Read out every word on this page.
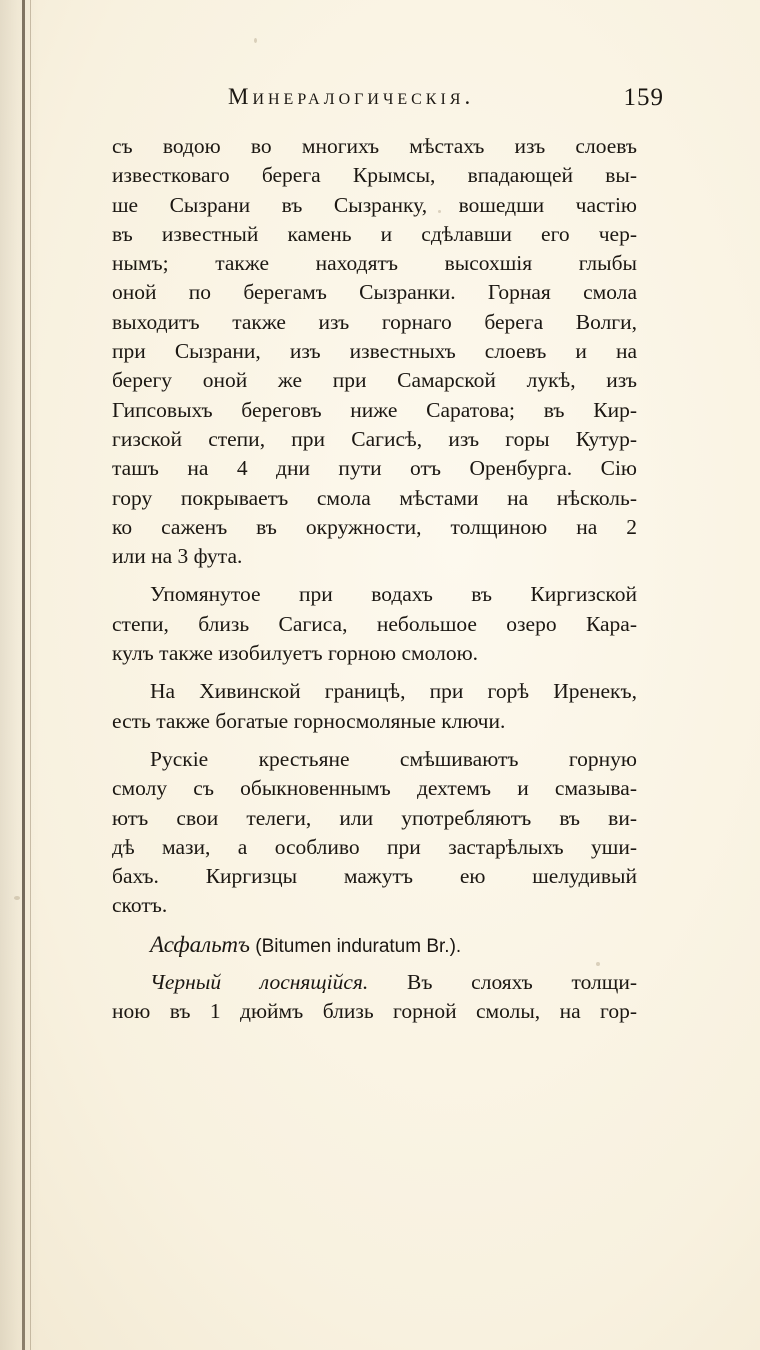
Минералогическія.	159
съ водою во многихъ мѣстахъ изъ слоевъ
известковаго берега Крымсы, впадающей вы-
ше Сызрани въ Сызранку, вошедши частію
въ известный камень и сдѣлавши его чер-
нымъ; также находятъ высохшія глыбы
оной по берегамъ Сызранки. Горная смола
выходитъ также изъ горнаго берега Волги,
при Сызрани, изъ известныхъ слоевъ и на
берегу оной же при Самарской лукѣ, изъ
Гипсовыхъ береговъ ниже Саратова; въ Кир-
гизской степи, при Сагисѣ, изъ горы Кутур-
ташъ на 4 дни пути отъ Оренбурга. Сію
гору покрываетъ смола мѣстами на нѣсколь-
ко саженъ въ окружности, толщиною на 2
или на 3 фута.
Упомянутое при водахъ въ Киргизской
степи, близь Сагиса, небольшое озеро Кара-
кулъ также изобилуетъ горною смолою.
На Хивинской границѣ, при горѣ Иренекъ,
есть также богатые горносмоляные ключи.
Рускіе крестьяне смѣшиваютъ горную
смолу съ обыкновеннымъ дехтемъ и смазыва-
ютъ свои телеги, или употребляютъ въ ви-
дѣ мази, а особливо при застарѣлыхъ уши-
бахъ. Киргизцы мажутъ ею шелудивый
скотъ.
Асфальтъ (Bitumen induratum Br.).
Черный лоснящійся. Въ слояхъ толщи-
ною въ 1 дюймъ близь горной смолы, на гор-
